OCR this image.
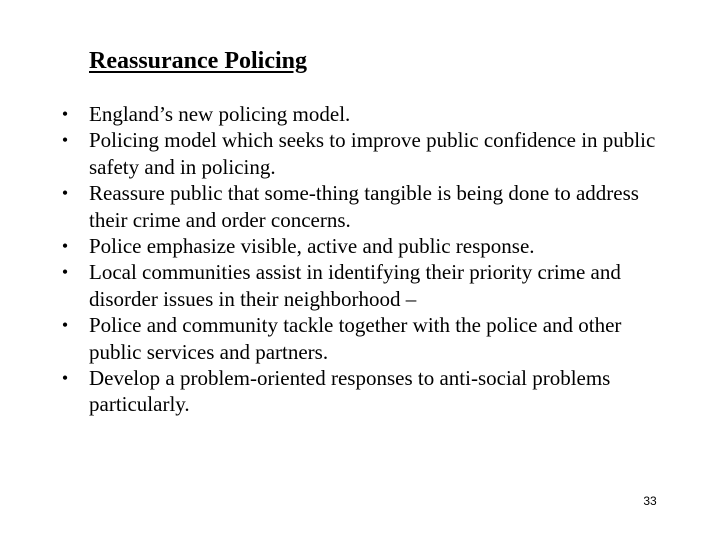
Reassurance Policing
• England’s new policing model.
• Policing model which seeks to improve public confidence in public safety and in policing.
• Reassure public that some-thing tangible is being done to address their crime and order concerns.
• Police emphasize visible, active and public response.
• Local communities assist in identifying their priority crime and disorder issues in their neighborhood –
• Police and community tackle together with the police and other public services and partners.
• Develop a problem-oriented responses to anti-social problems particularly.
33
